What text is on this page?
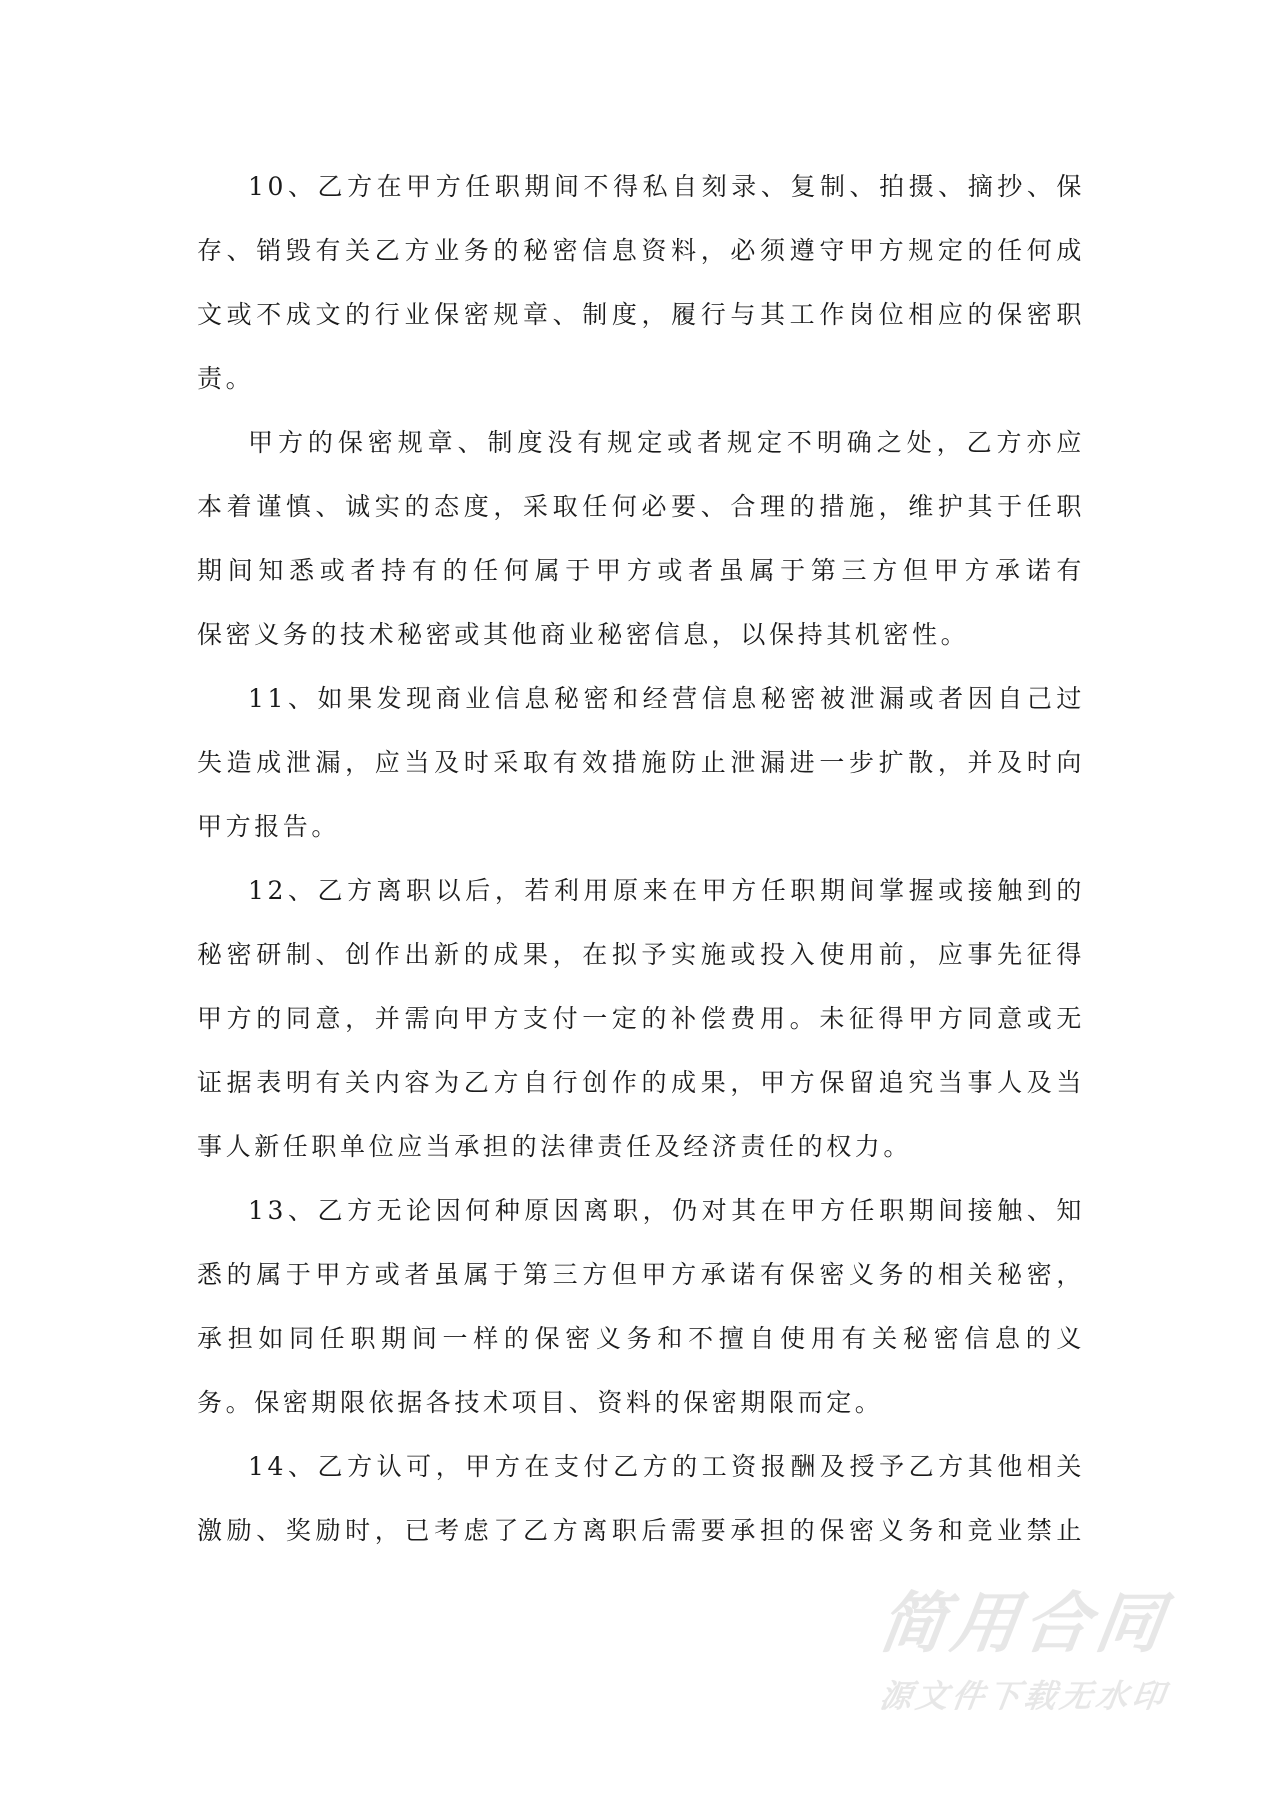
10、乙方在甲方任职期间不得私自刻录、复制、拍摄、摘抄、保
存、销毁有关乙方业务的秘密信息资料，必须遵守甲方规定的任何成
文或不成文的行业保密规章、制度，履行与其工作岗位相应的保密职
责。
甲方的保密规章、制度没有规定或者规定不明确之处，乙方亦应
本着谨慎、诚实的态度，采取任何必要、合理的措施，维护其于任职
期间知悉或者持有的任何属于甲方或者虽属于第三方但甲方承诺有
保密义务的技术秘密或其他商业秘密信息，以保持其机密性。
11、如果发现商业信息秘密和经营信息秘密被泄漏或者因自己过
失造成泄漏，应当及时采取有效措施防止泄漏进一步扩散，并及时向
甲方报告。
12、乙方离职以后，若利用原来在甲方任职期间掌握或接触到的
秘密研制、创作出新的成果，在拟予实施或投入使用前，应事先征得
甲方的同意，并需向甲方支付一定的补偿费用。未征得甲方同意或无
证据表明有关内容为乙方自行创作的成果，甲方保留追究当事人及当
事人新任职单位应当承担的法律责任及经济责任的权力。
13、乙方无论因何种原因离职，仍对其在甲方任职期间接触、知
悉的属于甲方或者虽属于第三方但甲方承诺有保密义务的相关秘密，
承担如同任职期间一样的保密义务和不擅自使用有关秘密信息的义
务。保密期限依据各技术项目、资料的保密期限而定。
14、乙方认可，甲方在支付乙方的工资报酬及授予乙方其他相关
激励、奖励时，已考虑了乙方离职后需要承担的保密义务和竞业禁止
简用合同
源文件下载无水印
